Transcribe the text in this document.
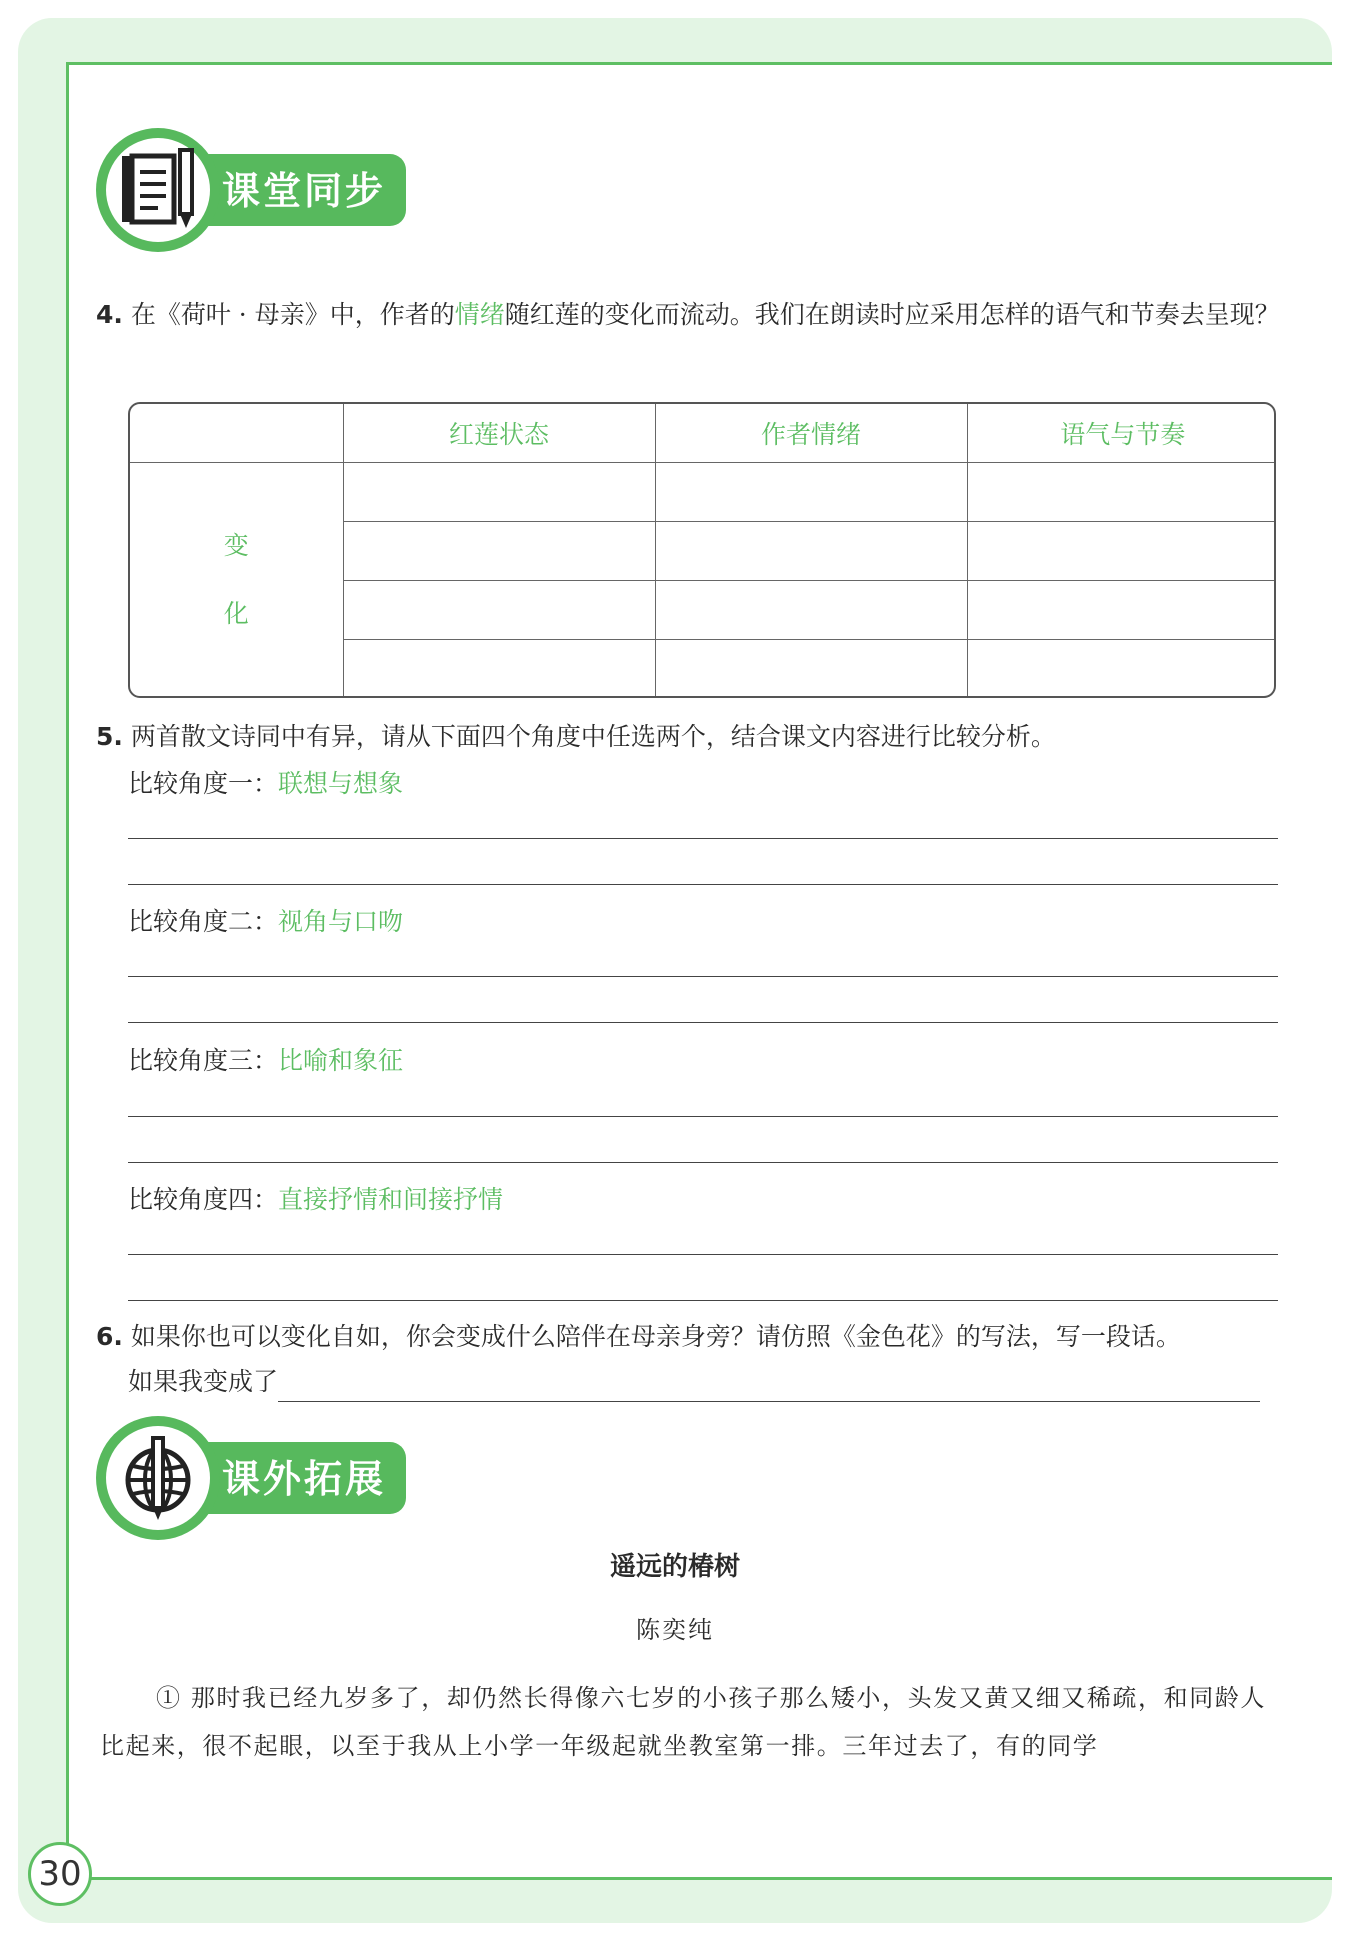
30
课堂同步
4. 在《荷叶 · 母亲》中，作者的情绪随红莲的变化而流动。我们在朗读时应采用怎样的语气和节奏去呈现？
	红莲状态	作者情绪	语气与节奏

变
化			

5. 两首散文诗同中有异，请从下面四个角度中任选两个，结合课文内容进行比较分析。
比较角度一：联想与想象
比较角度二：视角与口吻
比较角度三：比喻和象征
比较角度四：直接抒情和间接抒情
6. 如果你也可以变化自如，你会变成什么陪伴在母亲身旁？请仿照《金色花》的写法，写一段话。
如果我变成了
课外拓展
遥远的椿树
陈奕纯
① 那时我已经九岁多了，却仍然长得像六七岁的小孩子那么矮小，头发又黄又细又稀疏，和同龄人比起来，很不起眼，以至于我从上小学一年级起就坐教室第一排。三年过去了，有的同学
